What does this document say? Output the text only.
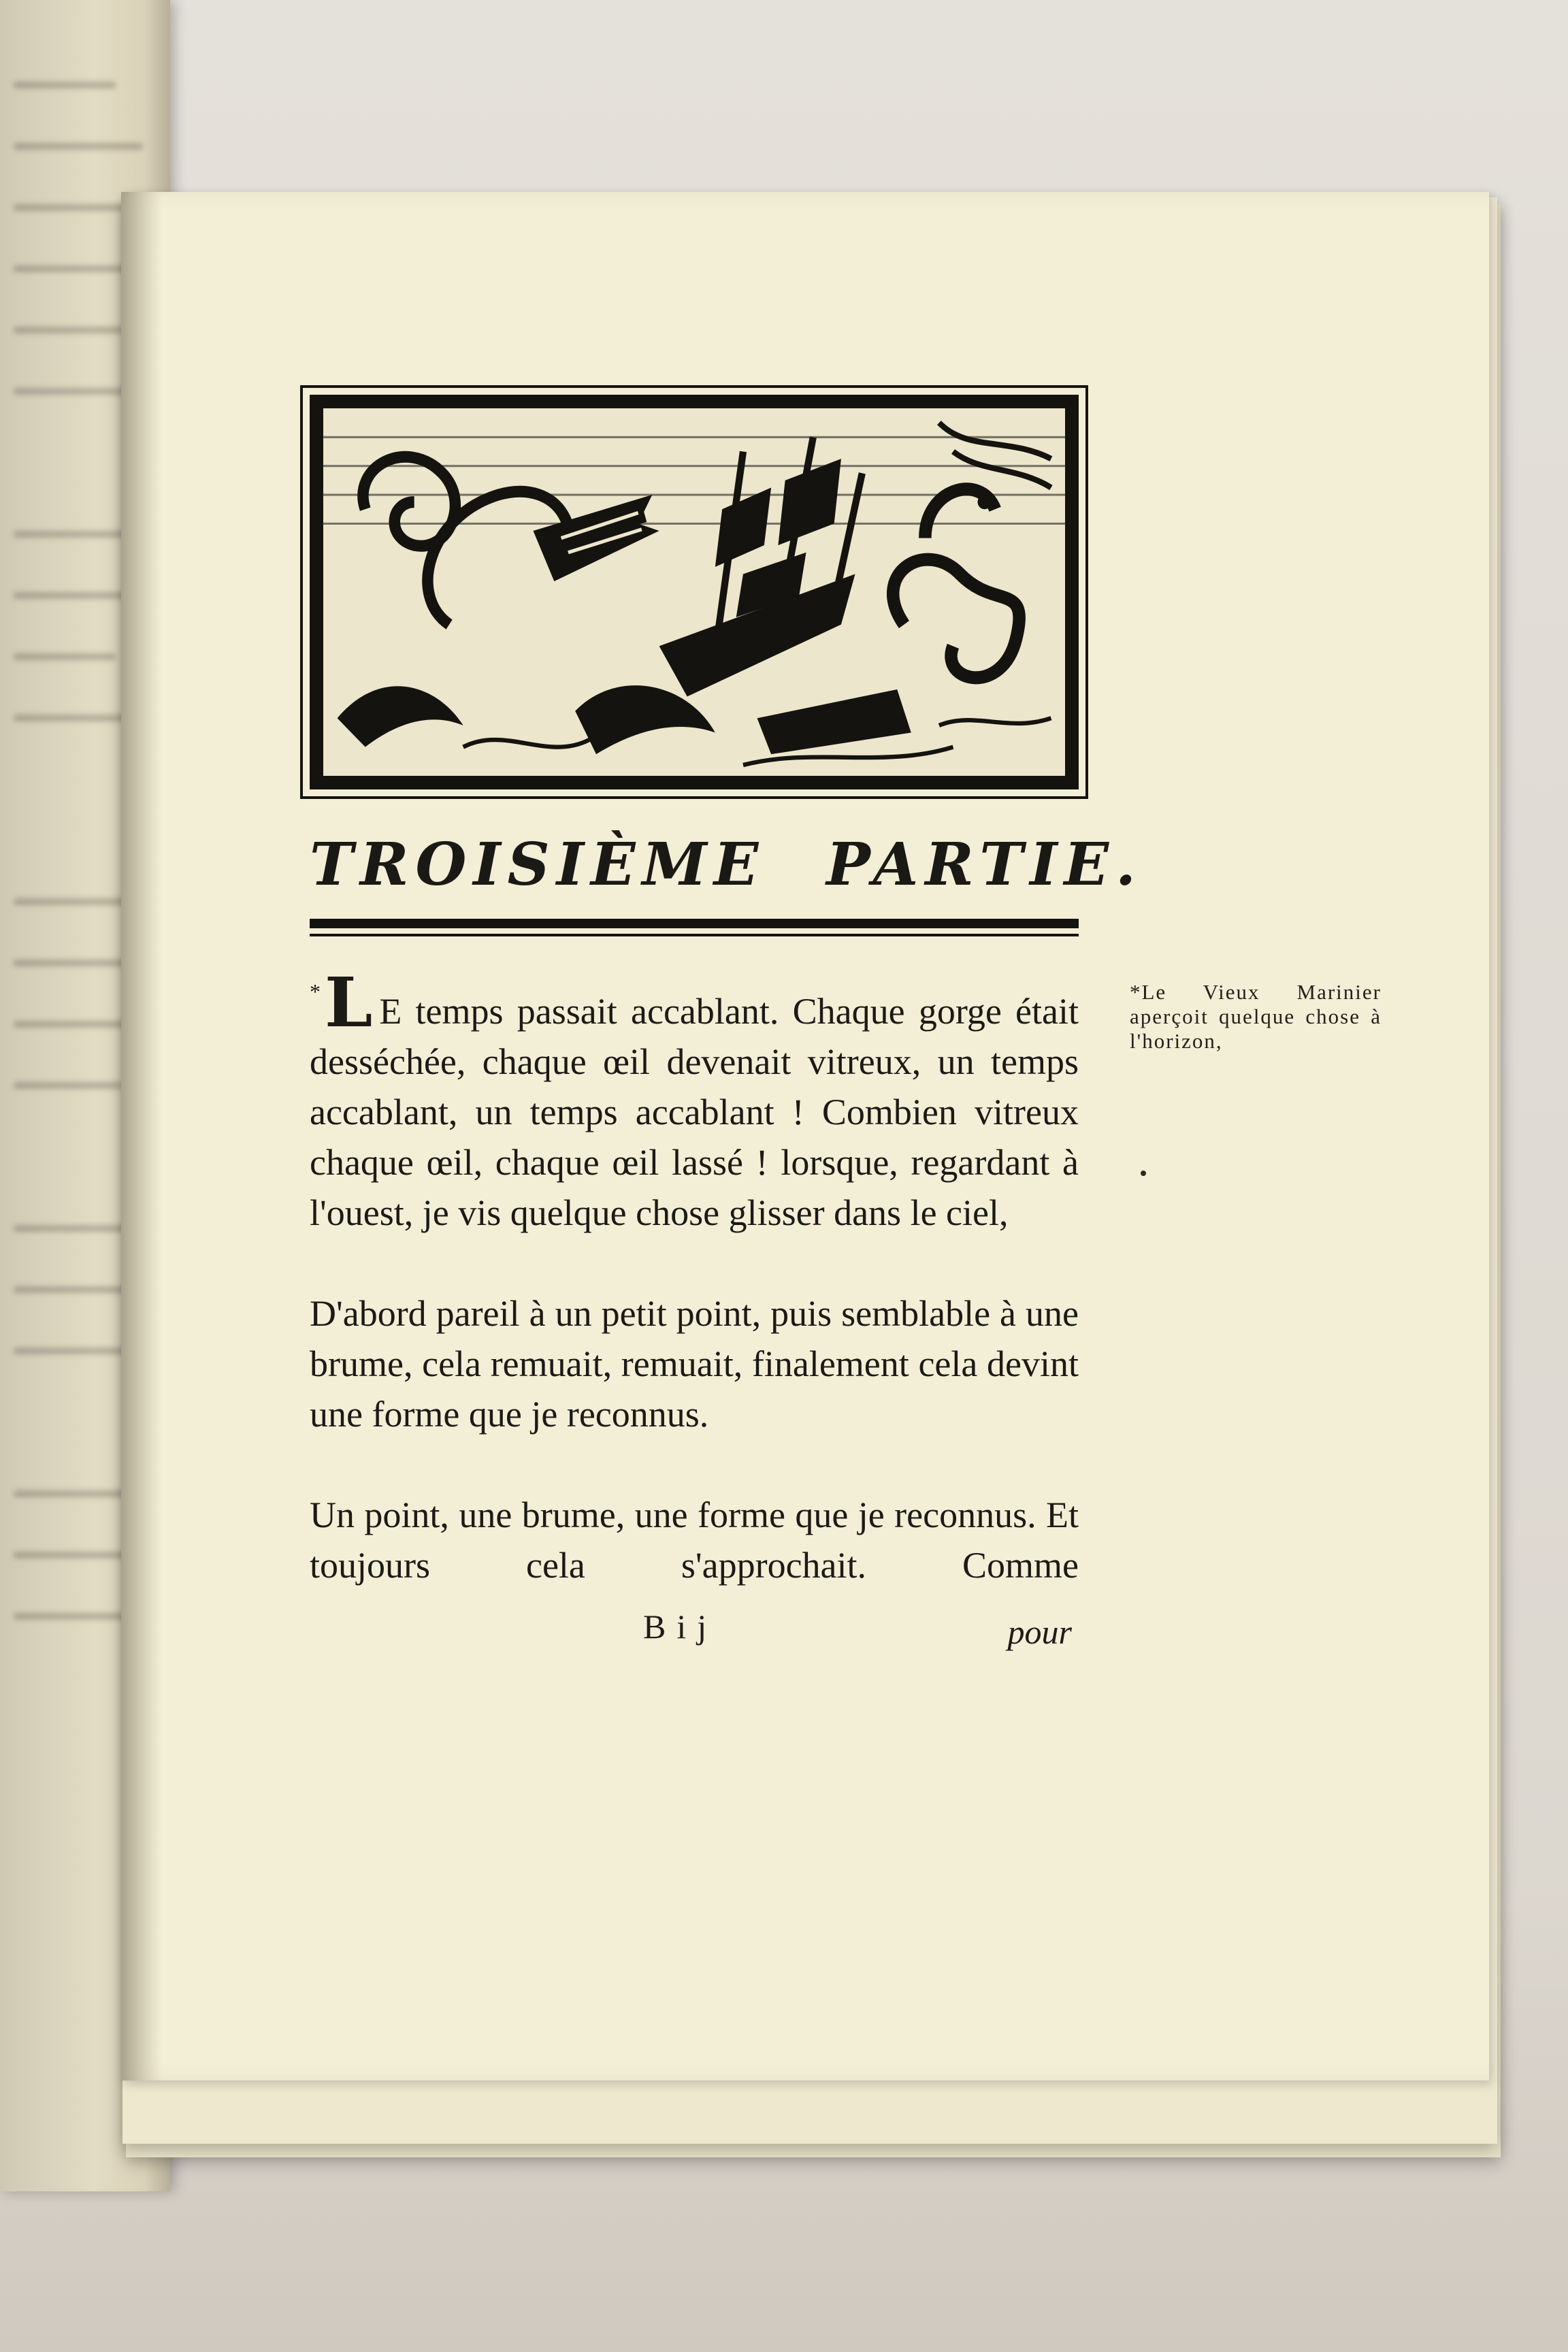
TROISIÈME PARTIE.

*L E temps passait accablant. Chaque gorge était desséchée, chaque œil devenait vitreux, un temps accablant, un temps accablant ! Combien vitreux chaque œil, chaque œil lassé ! lorsque, regardant à l'ouest, je vis quelque chose glisser dans le ciel,

D'abord pareil à un petit point, puis semblable à une brume, cela remuait, remuait, finalement cela devint une forme que je reconnus.

Un point, une brume, une forme que je reconnus. Et toujours cela s'approchait. Comme

Bij	pour
*Le Vieux Marinier aperçoit quelque chose à l'horizon,
